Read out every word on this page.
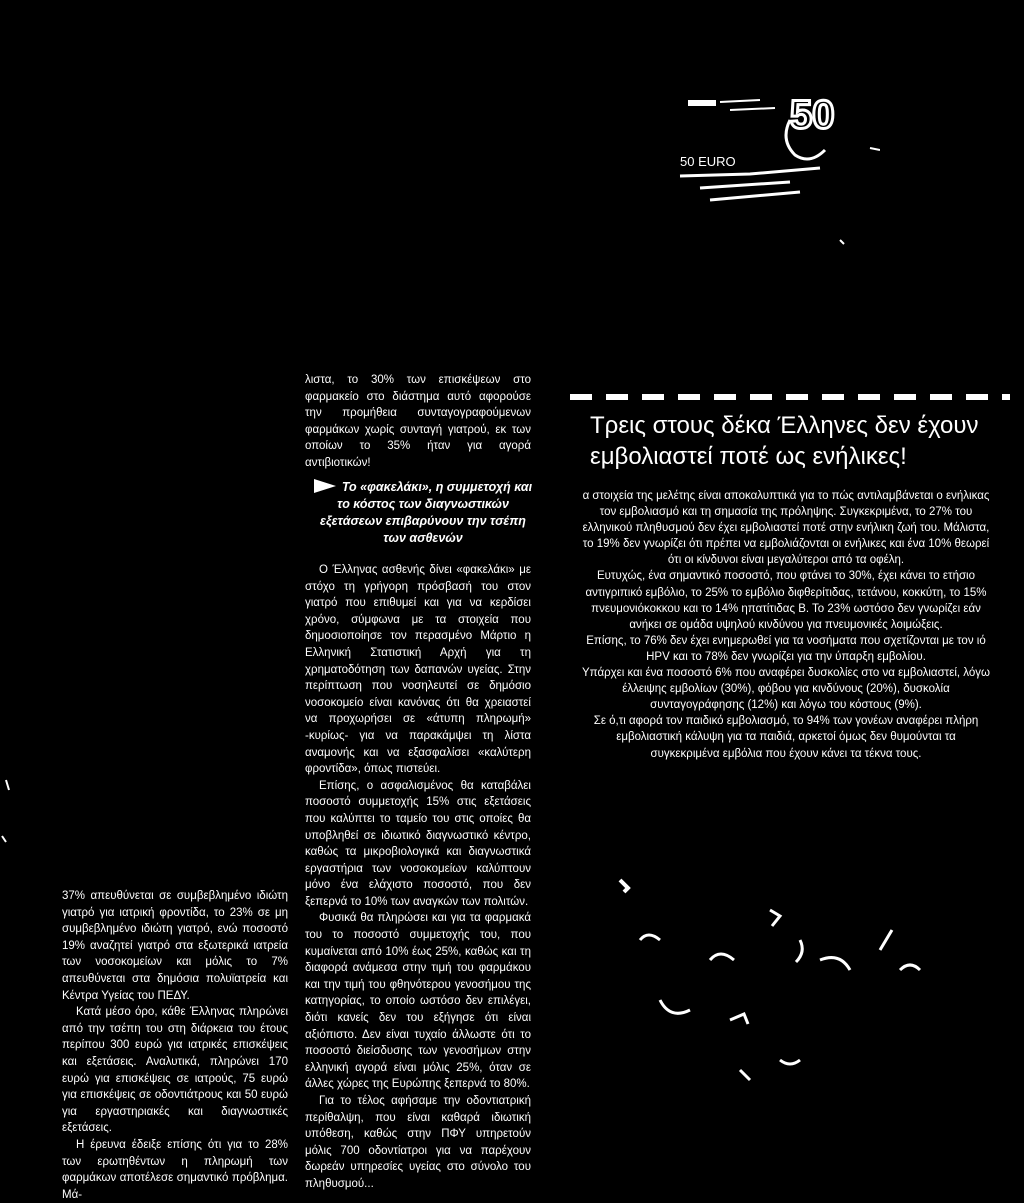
50
50 EURO

37% απευθύνεται σε συμβεβλημένο ιδιώτη γιατρό για ιατρική φροντίδα, το 23% σε μη συμβεβλημένο ιδιώτη γιατρό, ενώ ποσοστό 19% αναζητεί γιατρό στα εξωτερικά ιατρεία των νοσοκομείων και μόλις το 7% απευθύνεται στα δημόσια πολυϊατρεία και Κέντρα Υγείας του ΠΕΔΥ.

Κατά μέσο όρο, κάθε Έλληνας πληρώνει από την τσέπη του στη διάρκεια του έτους περίπου 300 ευρώ για ιατρικές επισκέψεις και εξετάσεις. Αναλυτικά, πληρώνει 170 ευρώ για επισκέψεις σε ιατρούς, 75 ευρώ για επισκέψεις σε οδοντιάτρους και 50 ευρώ για εργαστηριακές και διαγνωστικές εξετάσεις.

Η έρευνα έδειξε επίσης ότι για το 28% των ερωτηθέντων η πληρωμή των φαρμάκων αποτέλεσε σημαντικό πρόβλημα. Μά-

λιστα, το 30% των επισκέψεων στο φαρμακείο στο διάστημα αυτό αφορούσε την προμήθεια συνταγογραφούμενων φαρμάκων χωρίς συνταγή γιατρού, εκ των οποίων το 35% ήταν για αγορά αντιβιοτικών!

Το «φακελάκι», η συμμετοχή και το κόστος των διαγνωστικών εξετάσεων επιβαρύνουν την τσέπη των ασθενών

Ο Έλληνας ασθενής δίνει «φακελάκι» με στόχο τη γρήγορη πρόσβασή του στον γιατρό που επιθυμεί και για να κερδίσει χρόνο, σύμφωνα με τα στοιχεία που δημοσιοποίησε τον περασμένο Μάρτιο η Ελληνική Στατιστική Αρχή για τη χρηματοδότηση των δαπανών υγείας. Στην περίπτωση που νοσηλευτεί σε δημόσιο νοσοκομείο είναι κανόνας ότι θα χρειαστεί να προχωρήσει σε «άτυπη πληρωμή» -κυρίως- για να παρακάμψει τη λίστα αναμονής και να εξασφαλίσει «καλύτερη φροντίδα», όπως πιστεύει.

Επίσης, ο ασφαλισμένος θα καταβάλει ποσοστό συμμετοχής 15% στις εξετάσεις που καλύπτει το ταμείο του στις οποίες θα υποβληθεί σε ιδιωτικό διαγνωστικό κέντρο, καθώς τα μικροβιολογικά και διαγνωστικά εργαστήρια των νοσοκομείων καλύπτουν μόνο ένα ελάχιστο ποσοστό, που δεν ξεπερνά το 10% των αναγκών των πολιτών.

Φυσικά θα πληρώσει και για τα φαρμακά του το ποσοστό συμμετοχής του, που κυμαίνεται από 10% έως 25%, καθώς και τη διαφορά ανάμεσα στην τιμή του φαρμάκου και την τιμή του φθηνότερου γενοσήμου της κατηγορίας, το οποίο ωστόσο δεν επιλέγει, διότι κανείς δεν του εξήγησε ότι είναι αξιόπιστο. Δεν είναι τυχαίο άλλωστε ότι το ποσοστό διείσδυσης των γενοσήμων στην ελληνική αγορά είναι μόλις 25%, όταν σε άλλες χώρες της Ευρώπης ξεπερνά το 80%.

Για το τέλος αφήσαμε την οδοντιατρική περίθαλψη, που είναι καθαρά ιδιωτική υπόθεση, καθώς στην ΠΦΥ υπηρετούν μόλις 700 οδοντίατροι για να παρέχουν δωρεάν υπηρεσίες υγείας στο σύνολο του πληθυσμού...

Τρεις στους δέκα Έλληνες δεν έχουν εμβολιαστεί ποτέ ως ενήλικες!

α στοιχεία της μελέτης είναι αποκαλυπτικά για το πώς αντιλαμβάνεται ο ενήλικας τον εμβολιασμό και τη σημασία της πρόληψης. Συγκεκριμένα, το 27% του ελληνικού πληθυσμού δεν έχει εμβολιαστεί ποτέ στην ενήλικη ζωή του. Μάλιστα, το 19% δεν γνωρίζει ότι πρέπει να εμβολιάζονται οι ενήλικες και ένα 10% θεωρεί ότι οι κίνδυνοι είναι μεγαλύτεροι από τα οφέλη.

Ευτυχώς, ένα σημαντικό ποσοστό, που φτάνει το 30%, έχει κάνει το ετήσιο αντιγριπικό εμβόλιο, το 25% το εμβόλιο διφθερίτιδας, τετάνου, κοκκύτη, το 15% πνευμονιόκοκκου και το 14% ηπατίτιδας Β. Το 23% ωστόσο δεν γνωρίζει εάν ανήκει σε ομάδα υψηλού κινδύνου για πνευμονικές λοιμώξεις.

Επίσης, το 76% δεν έχει ενημερωθεί για τα νοσήματα που σχετίζονται με τον ιό HPV και το 78% δεν γνωρίζει για την ύπαρξη εμβολίου.

Υπάρχει και ένα ποσοστό 6% που αναφέρει δυσκολίες στο να εμβολιαστεί, λόγω έλλειψης εμβολίων (30%), φόβου για κινδύνους (20%), δυσκολία συνταγογράφησης (12%) και λόγω του κόστους (9%).

Σε ό,τι αφορά τον παιδικό εμβολιασμό, το 94% των γονέων αναφέρει πλήρη εμβολιαστική κάλυψη για τα παιδιά, αρκετοί όμως δεν θυμούνται τα συγκεκριμένα εμβόλια που έχουν κάνει τα τέκνα τους.
